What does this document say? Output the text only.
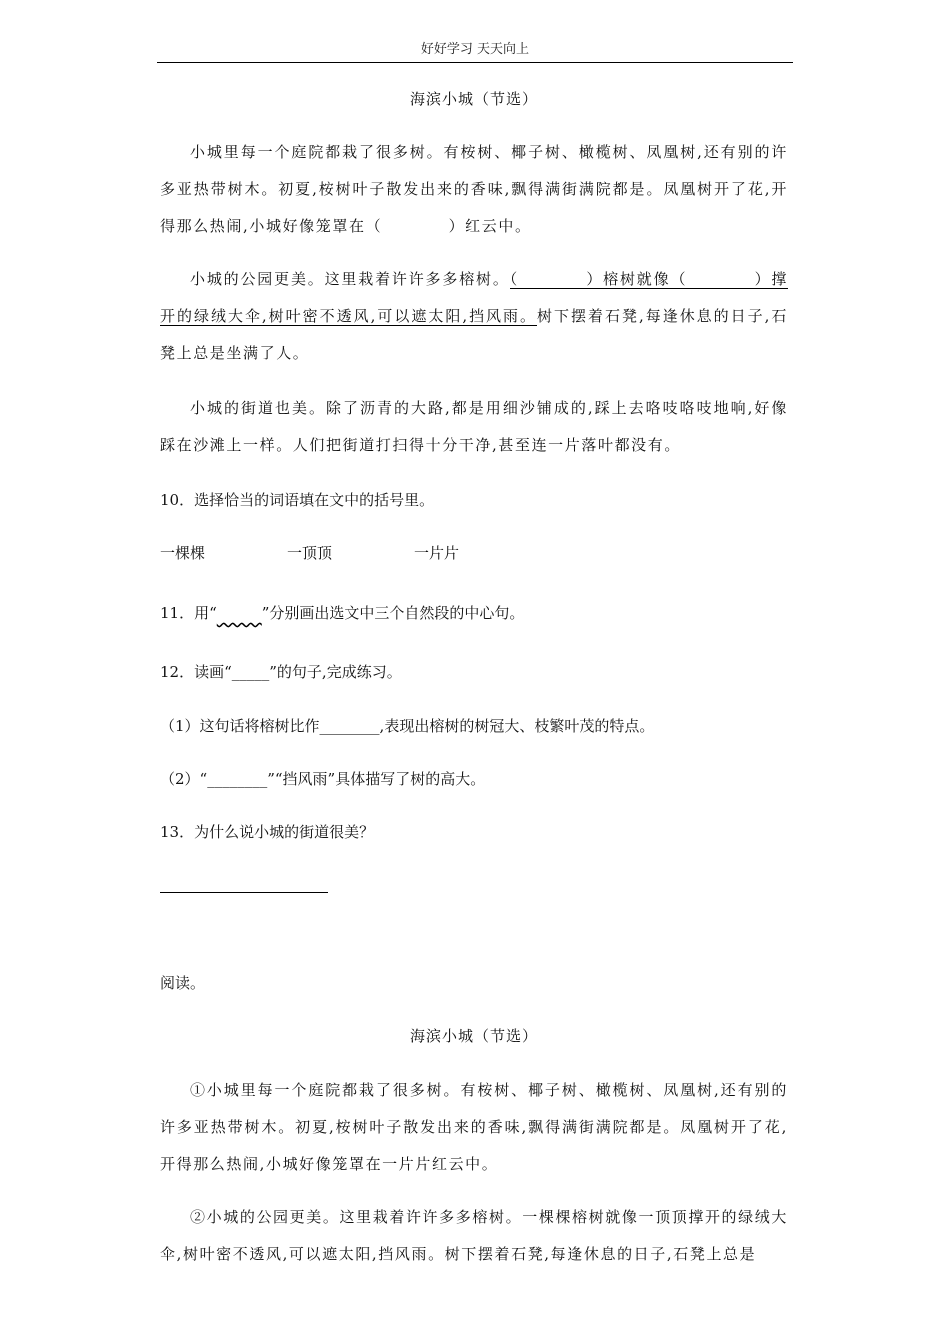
好好学习 天天向上
海滨小城（节选）
小城里每一个庭院都栽了很多树。有桉树、椰子树、橄榄树、凤凰树,还有别的许多亚热带树木。初夏,桉树叶子散发出来的香味,飘得满街满院都是。凤凰树开了花,开得那么热闹,小城好像笼罩在（　　　　）红云中。
小城的公园更美。这里栽着许许多多榕树。（　　　　）榕树就像（　　　　）撑开的绿绒大伞,树叶密不透风,可以遮太阳,挡风雨。树下摆着石凳,每逢休息的日子,石凳上总是坐满了人。
小城的街道也美。除了沥青的大路,都是用细沙铺成的,踩上去咯吱咯吱地响,好像踩在沙滩上一样。人们把街道打扫得十分干净,甚至连一片落叶都没有。
10．选择恰当的词语填在文中的括号里。
一棵棵	一顶顶	一片片
11．用“	”分别画出选文中三个自然段的中心句。
12．读画“_____”的句子,完成练习。
（1）这句话将榕树比作________,表现出榕树的树冠大、枝繁叶茂的特点。
（2）“________”“挡风雨”具体描写了树的高大。
13．为什么说小城的街道很美？
阅读。
海滨小城（节选）
①小城里每一个庭院都栽了很多树。有桉树、椰子树、橄榄树、凤凰树,还有别的许多亚热带树木。初夏,桉树叶子散发出来的香味,飘得满街满院都是。凤凰树开了花,开得那么热闹,小城好像笼罩在一片片红云中。
②小城的公园更美。这里栽着许许多多榕树。一棵棵榕树就像一顶顶撑开的绿绒大伞,树叶密不透风,可以遮太阳,挡风雨。树下摆着石凳,每逢休息的日子,石凳上总是
